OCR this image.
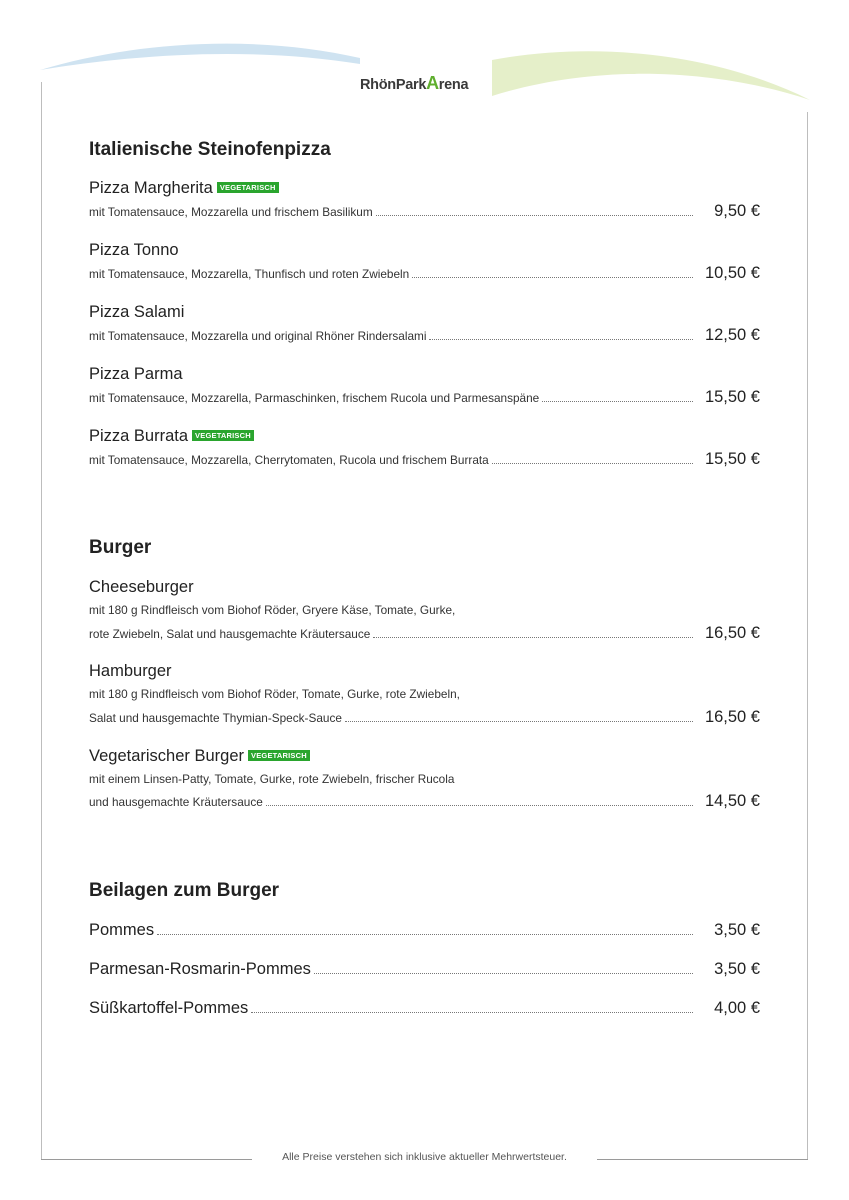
RhönParkArena
Italienische Steinofenpizza
Pizza Margherita VEGETARISCH
mit Tomatensauce, Mozzarella und frischem Basilikum	9,50 €
Pizza Tonno
mit Tomatensauce, Mozzarella, Thunfisch und roten Zwiebeln	10,50 €
Pizza Salami
mit Tomatensauce, Mozzarella und original Rhöner Rindersalami	12,50 €
Pizza Parma
mit Tomatensauce, Mozzarella, Parmaschinken, frischem Rucola und Parmesanspäne	15,50 €
Pizza Burrata VEGETARISCH
mit Tomatensauce, Mozzarella, Cherrytomaten, Rucola und frischem Burrata	15,50 €
Burger
Cheeseburger
mit 180 g Rindfleisch vom Biohof Röder, Gryere Käse, Tomate, Gurke,
rote Zwiebeln, Salat und hausgemachte Kräutersauce	16,50 €
Hamburger
mit 180 g Rindfleisch vom Biohof Röder, Tomate, Gurke, rote Zwiebeln,
Salat und hausgemachte Thymian-Speck-Sauce	16,50 €
Vegetarischer Burger VEGETARISCH
mit einem Linsen-Patty, Tomate, Gurke, rote Zwiebeln, frischer Rucola
und hausgemachte Kräutersauce	14,50 €
Beilagen zum Burger
Pommes	3,50 €
Parmesan-Rosmarin-Pommes	3,50 €
Süßkartoffel-Pommes	4,00 €
Alle Preise verstehen sich inklusive aktueller Mehrwertsteuer.
